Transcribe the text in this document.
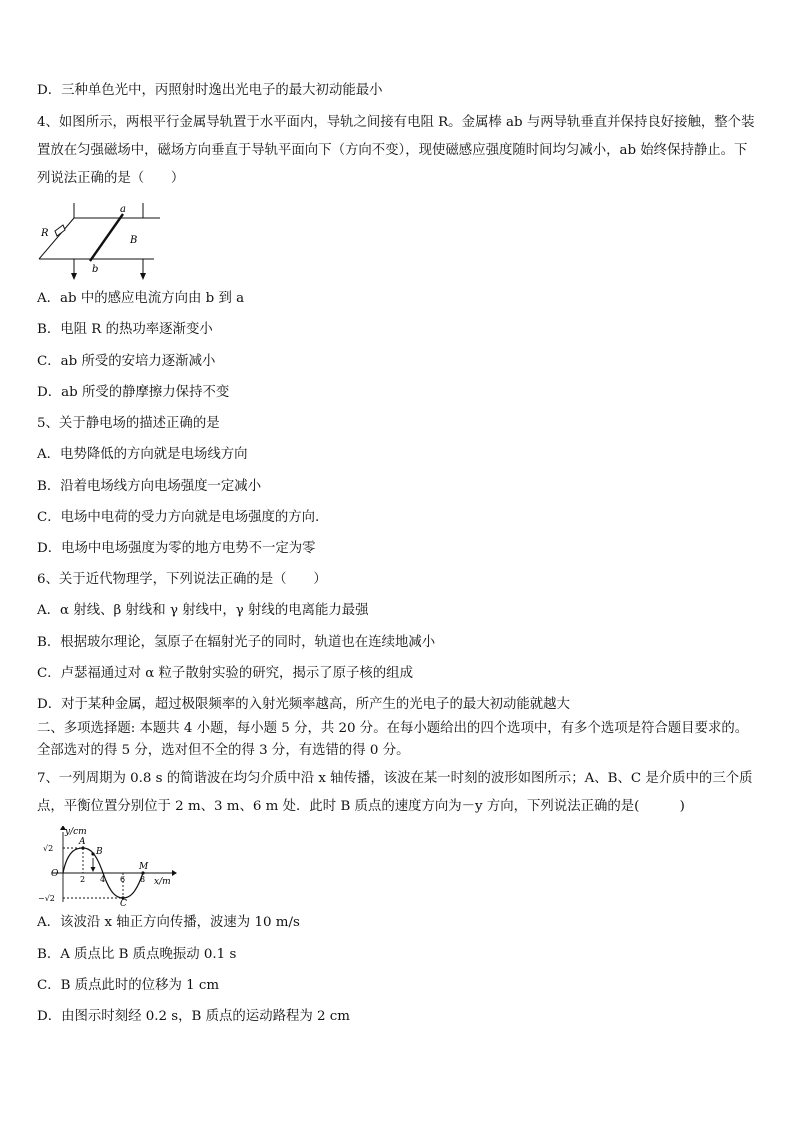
D．三种单色光中，丙照射时逸出光电子的最大初动能最小
4、如图所示，两根平行金属导轨置于水平面内，导轨之间接有电阻 R。金属棒 ab 与两导轨垂直并保持良好接触，整个装置放在匀强磁场中，磁场方向垂直于导轨平面向下（方向不变），现使磁感应强度随时间均匀减小，ab 始终保持静止。下列说法正确的是（　　）
a
b
R
B
A．ab 中的感应电流方向由 b 到 a
B．电阻 R 的热功率逐渐变小
C．ab 所受的安培力逐渐减小
D．ab 所受的静摩擦力保持不变
5、关于静电场的描述正确的是
A．电势降低的方向就是电场线方向
B．沿着电场线方向电场强度一定减小
C．电场中电荷的受力方向就是电场强度的方向.
D．电场中电场强度为零的地方电势不一定为零
6、关于近代物理学，下列说法正确的是（　　）
A．α 射线、β 射线和 γ 射线中，γ 射线的电离能力最强
B．根据玻尔理论，氢原子在辐射光子的同时，轨道也在连续地减小
C．卢瑟福通过对 α 粒子散射实验的研究，揭示了原子核的组成
D．对于某种金属，超过极限频率的入射光频率越高，所产生的光电子的最大初动能就越大
二、多项选择题: 本题共 4 小题，每小题 5 分，共 20 分。在每小题给出的四个选项中，有多个选项是符合题目要求的。全部选对的得 5 分，选对但不全的得 3 分，有选错的得 0 分。
7、一列周期为 0.8 s 的简谐波在均匀介质中沿 x 轴传播，该波在某一时刻的波形如图所示；A、B、C 是介质中的三个质点，平衡位置分别位于 2 m、3 m、6 m 处．此时 B 质点的速度方向为－y 方向，下列说法正确的是(　　　)
y/cm
x/m
√2
−√2
O
2 4 6 8
A
B
C
M
A．该波沿 x 轴正方向传播，波速为 10 m/s
B．A 质点比 B 质点晚振动 0.1 s
C．B 质点此时的位移为 1 cm
D．由图示时刻经 0.2 s，B 质点的运动路程为 2 cm
